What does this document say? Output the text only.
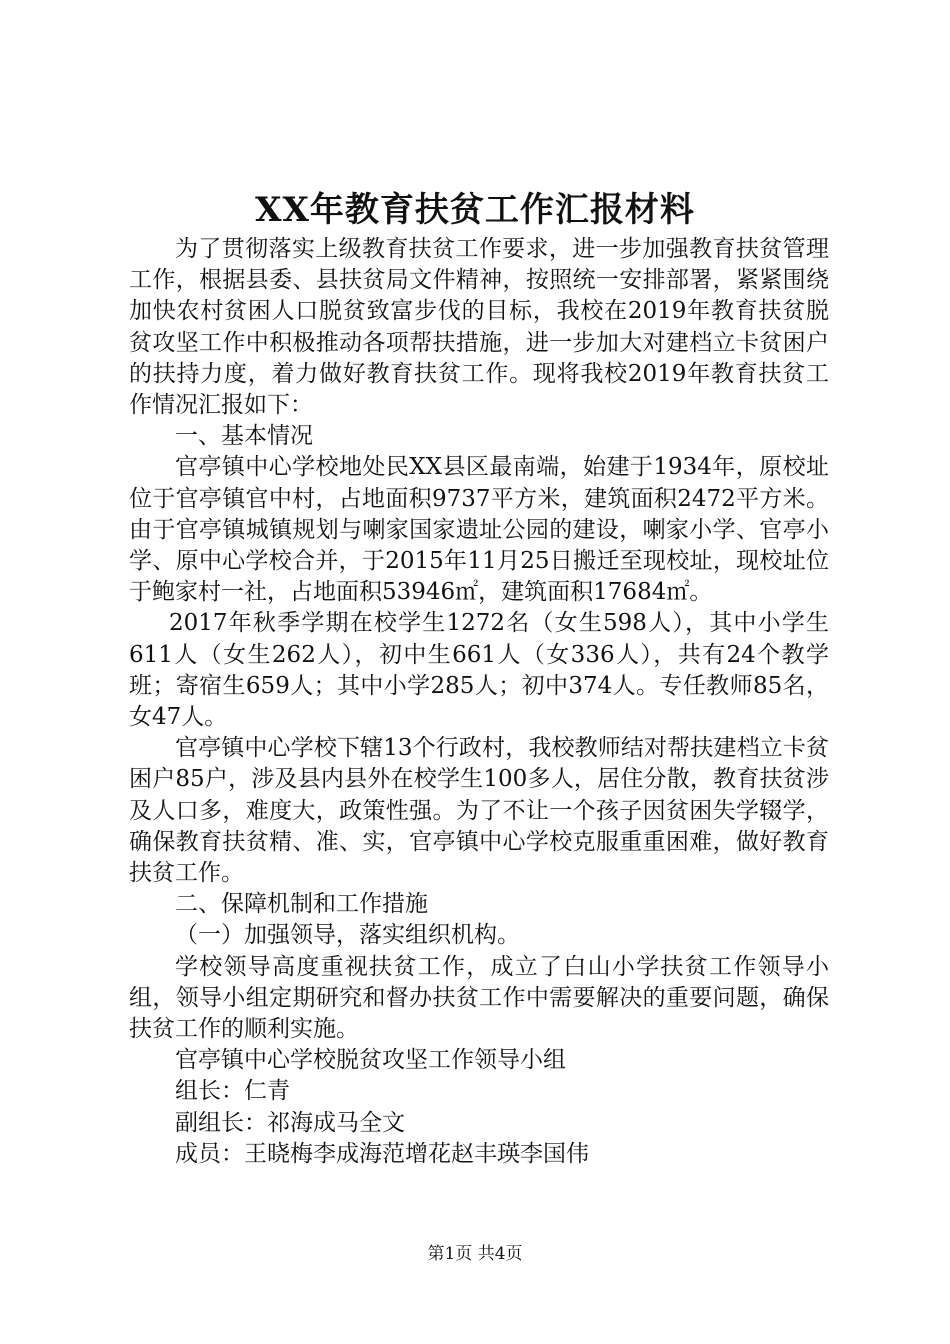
XX年教育扶贫工作汇报材料

为了贯彻落实上级教育扶贫工作要求，进一步加强教育扶贫管理工作，根据县委、县扶贫局文件精神，按照统一安排部署，紧紧围绕加快农村贫困人口脱贫致富步伐的目标，我校在2019年教育扶贫脱贫攻坚工作中积极推动各项帮扶措施，进一步加大对建档立卡贫困户的扶持力度，着力做好教育扶贫工作。现将我校2019年教育扶贫工作情况汇报如下：

一、基本情况

官亭镇中心学校地处民XX县区最南端，始建于1934年，原校址位于官亭镇官中村，占地面积9737平方米，建筑面积2472平方米。由于官亭镇城镇规划与喇家国家遗址公园的建设，喇家小学、官亭小学、原中心学校合并，于2015年11月25日搬迁至现校址，现校址位于鲍家村一社，占地面积53946㎡，建筑面积17684㎡。

2017年秋季学期在校学生1272名（女生598人），其中小学生611人（女生262人），初中生661人（女336人），共有24个教学班；寄宿生659人；其中小学285人；初中374人。专任教师85名，女47人。

官亭镇中心学校下辖13个行政村，我校教师结对帮扶建档立卡贫困户85户，涉及县内县外在校学生100多人，居住分散，教育扶贫涉及人口多，难度大，政策性强。为了不让一个孩子因贫困失学辍学，确保教育扶贫精、准、实，官亭镇中心学校克服重重困难，做好教育扶贫工作。

二、保障机制和工作措施

（一）加强领导，落实组织机构。

学校领导高度重视扶贫工作，成立了白山小学扶贫工作领导小组，领导小组定期研究和督办扶贫工作中需要解决的重要问题，确保扶贫工作的顺利实施。

官亭镇中心学校脱贫攻坚工作领导小组

组长：仁青

副组长：祁海成马全文

成员：王晓梅李成海范增花赵丰瑛李国伟

第1页 共4页
